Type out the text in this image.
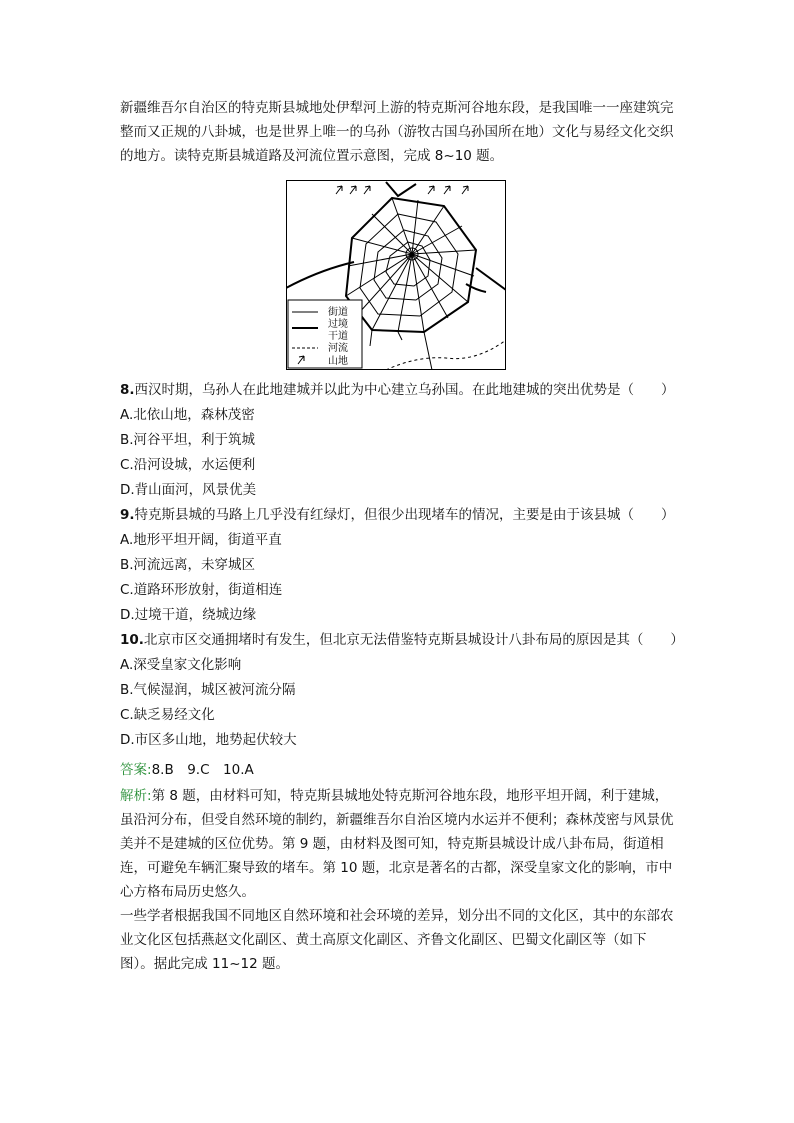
新疆维吾尔自治区的特克斯县城地处伊犁河上游的特克斯河谷地东段，是我国唯一一座建筑完整而又正规的八卦城，也是世界上唯一的乌孙（游牧古国乌孙国所在地）文化与易经文化交织的地方。读特克斯县城道路及河流位置示意图，完成 8~10 题。
街道
过境
干道
河流
山地
8.西汉时期，乌孙人在此地建城并以此为中心建立乌孙国。在此地建城的突出优势是（　　）
A.北依山地，森林茂密
B.河谷平坦，利于筑城
C.沿河设城，水运便利
D.背山面河，风景优美
9.特克斯县城的马路上几乎没有红绿灯，但很少出现堵车的情况，主要是由于该县城（　　）
A.地形平坦开阔，街道平直
B.河流远离，未穿城区
C.道路环形放射，街道相连
D.过境干道，绕城边缘
10.北京市区交通拥堵时有发生，但北京无法借鉴特克斯县城设计八卦布局的原因是其（　　）
A.深受皇家文化影响
B.气候湿润，城区被河流分隔
C.缺乏易经文化
D.市区多山地，地势起伏较大
答案:8.B　9.C　10.A
解析:第 8 题，由材料可知，特克斯县城地处特克斯河谷地东段，地形平坦开阔，利于建城，虽沿河分布，但受自然环境的制约，新疆维吾尔自治区境内水运并不便利；森林茂密与风景优美并不是建城的区位优势。第 9 题，由材料及图可知，特克斯县城设计成八卦布局，街道相连，可避免车辆汇聚导致的堵车。第 10 题，北京是著名的古都，深受皇家文化的影响，市中心方格布局历史悠久。
一些学者根据我国不同地区自然环境和社会环境的差异，划分出不同的文化区，其中的东部农业文化区包括燕赵文化副区、黄土高原文化副区、齐鲁文化副区、巴蜀文化副区等（如下图）。据此完成 11~12 题。
